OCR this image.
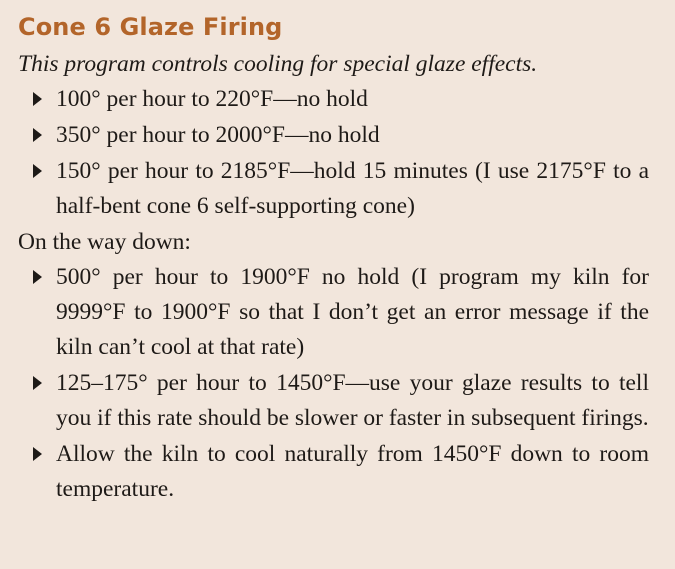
Cone 6 Glaze Firing

This program controls cooling for special glaze effects.

100° per hour to 220°F—no hold
350° per hour to 2000°F—no hold
150° per hour to 2185°F—hold 15 minutes (I use 2175°F to a half-bent cone 6 self-supporting cone)

On the way down:

500° per hour to 1900°F no hold (I program my kiln for 9999°F to 1900°F so that I don’t get an error message if the kiln can’t cool at that rate)
125–175° per hour to 1450°F—use your glaze results to tell you if this rate should be slower or faster in subsequent firings.
Allow the kiln to cool naturally from 1450°F down to room temperature.
